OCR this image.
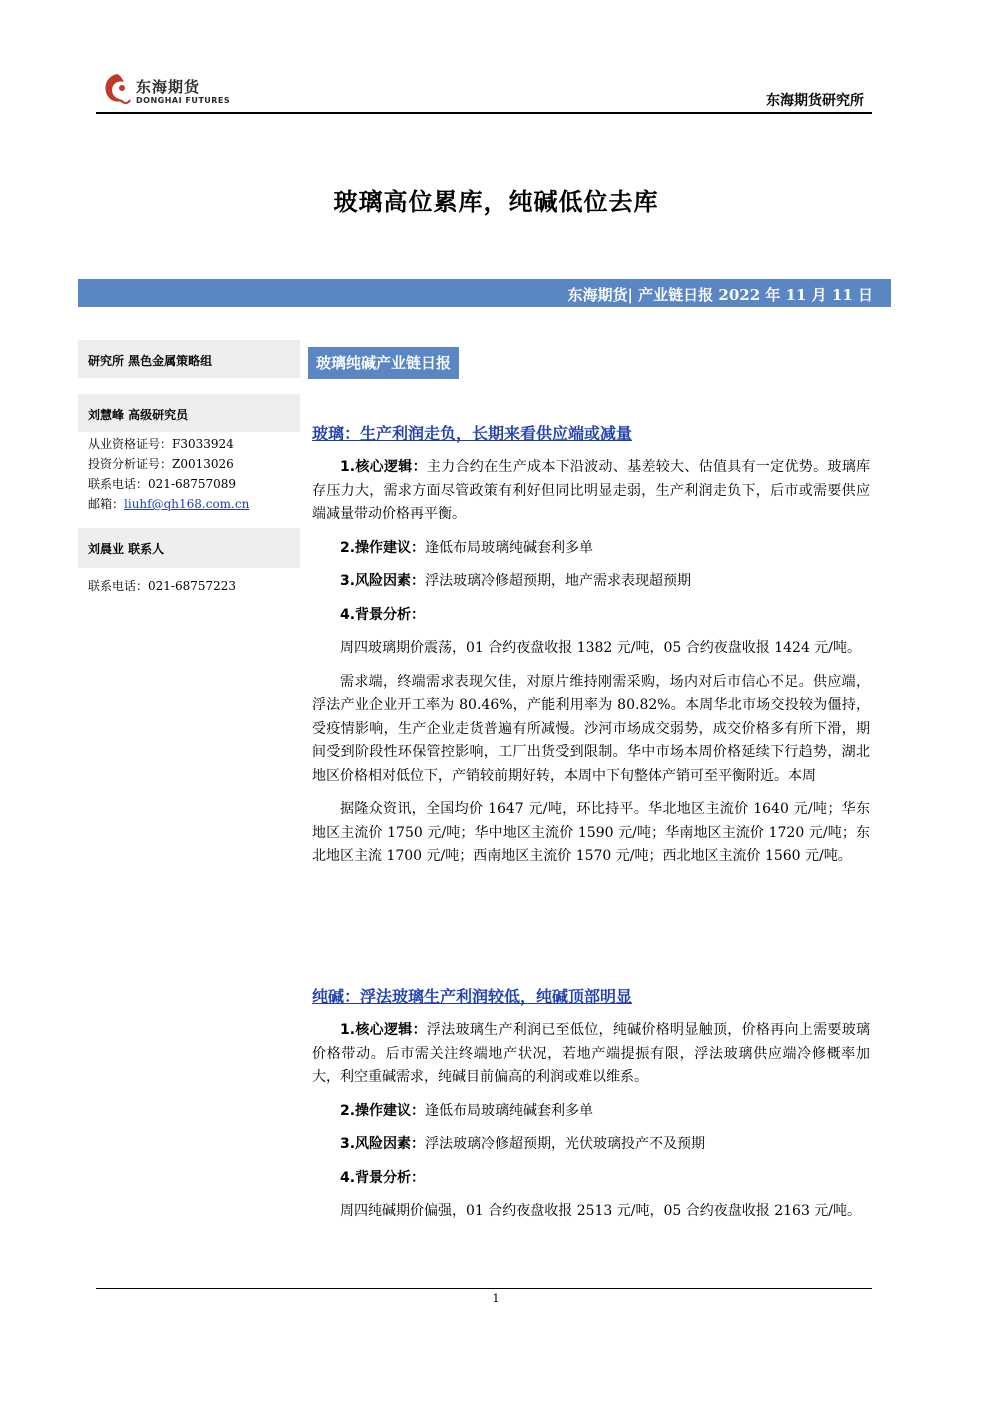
东海期货
DONGHAI FUTURES	东海期货研究所
玻璃高位累库，纯碱低位去库
东海期货| 产业链日报 2022 年 11 月 11 日
研究所 黑色金属策略组
刘慧峰 高级研究员
从业资格证号：F3033924
投资分析证号：Z0013026
联系电话：021-68757089
邮箱：liuhf@qh168.com.cn
刘晨业 联系人
联系电话：021-68757223
玻璃纯碱产业链日报
玻璃：生产利润走负，长期来看供应端或减量

1.核心逻辑：主力合约在生产成本下沿波动、基差较大、估值具有一定优势。玻璃库存压力大，需求方面尽管政策有利好但同比明显走弱，生产利润走负下，后市或需要供应端减量带动价格再平衡。

2.操作建议：逢低布局玻璃纯碱套利多单

3.风险因素：浮法玻璃冷修超预期，地产需求表现超预期

4.背景分析：

周四玻璃期价震荡，01 合约夜盘收报 1382 元/吨，05 合约夜盘收报 1424 元/吨。

需求端，终端需求表现欠佳，对原片维持刚需采购，场内对后市信心不足。供应端，浮法产业企业开工率为 80.46%，产能利用率为 80.82%。本周华北市场交投较为僵持，受疫情影响，生产企业走货普遍有所减慢。沙河市场成交弱势，成交价格多有所下滑，期间受到阶段性环保管控影响，工厂出货受到限制。华中市场本周价格延续下行趋势，湖北地区价格相对低位下，产销较前期好转，本周中下旬整体产销可至平衡附近。本周

据隆众资讯，全国均价 1647 元/吨，环比持平。华北地区主流价 1640 元/吨；华东地区主流价 1750 元/吨；华中地区主流价 1590 元/吨；华南地区主流价 1720 元/吨；东北地区主流 1700 元/吨；西南地区主流价 1570 元/吨；西北地区主流价 1560 元/吨。

纯碱：浮法玻璃生产利润较低，纯碱顶部明显

1.核心逻辑：浮法玻璃生产利润已至低位，纯碱价格明显触顶，价格再向上需要玻璃价格带动。后市需关注终端地产状况，若地产端提振有限，浮法玻璃供应端冷修概率加大，利空重碱需求，纯碱目前偏高的利润或难以维系。

2.操作建议：逢低布局玻璃纯碱套利多单

3.风险因素：浮法玻璃冷修超预期，光伏玻璃投产不及预期

4.背景分析：

周四纯碱期价偏强，01 合约夜盘收报 2513 元/吨，05 合约夜盘收报 2163 元/吨。

1
